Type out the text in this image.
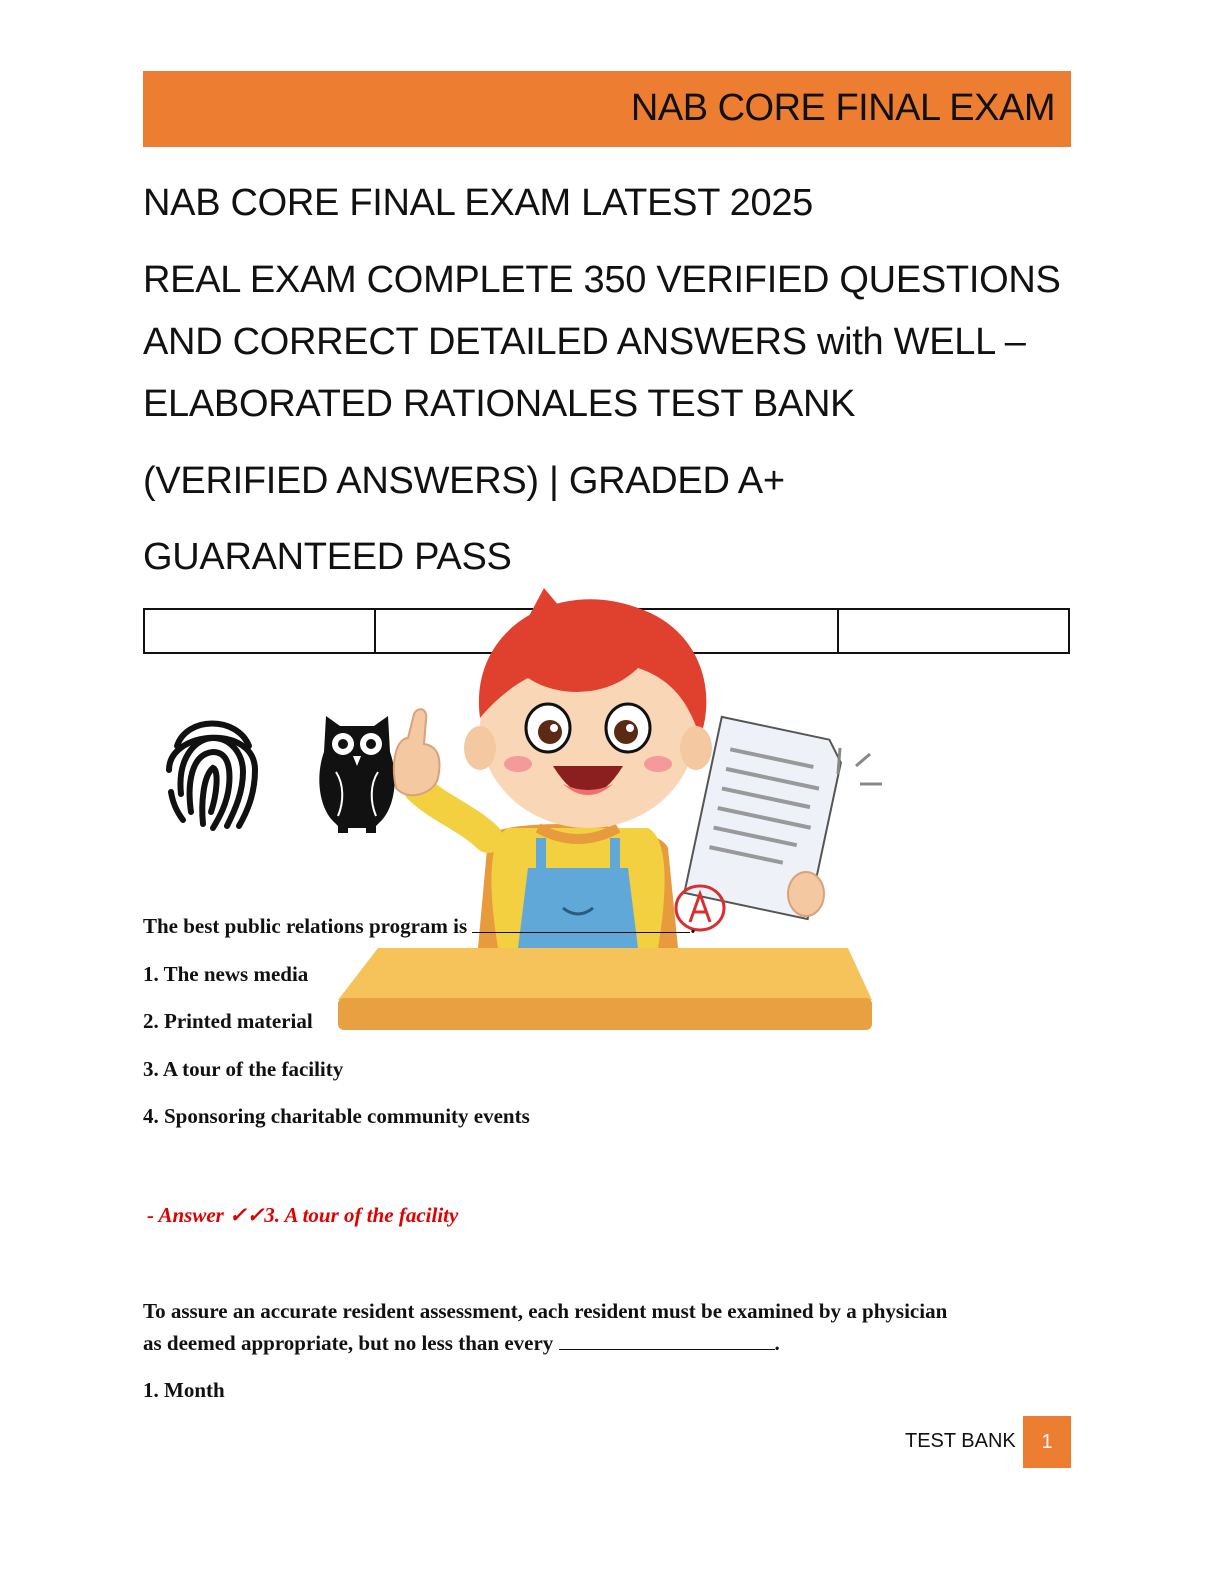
NAB CORE FINAL EXAM
NAB CORE FINAL EXAM LATEST 2025
REAL EXAM COMPLETE 350 VERIFIED QUESTIONS
AND CORRECT DETAILED ANSWERS with WELL –
ELABORATED RATIONALES TEST BANK
(VERIFIED ANSWERS) | GRADED A+
GUARANTEED PASS
The best public relations program is	.
1. The news media
2. Printed material
3. A tour of the facility
4. Sponsoring charitable community events
- Answer ✓✓3. A tour of the facility
To assure an accurate resident assessment, each resident must be examined by a physician
as deemed appropriate, but no less than every	.
1. Month
TEST BANK	1
